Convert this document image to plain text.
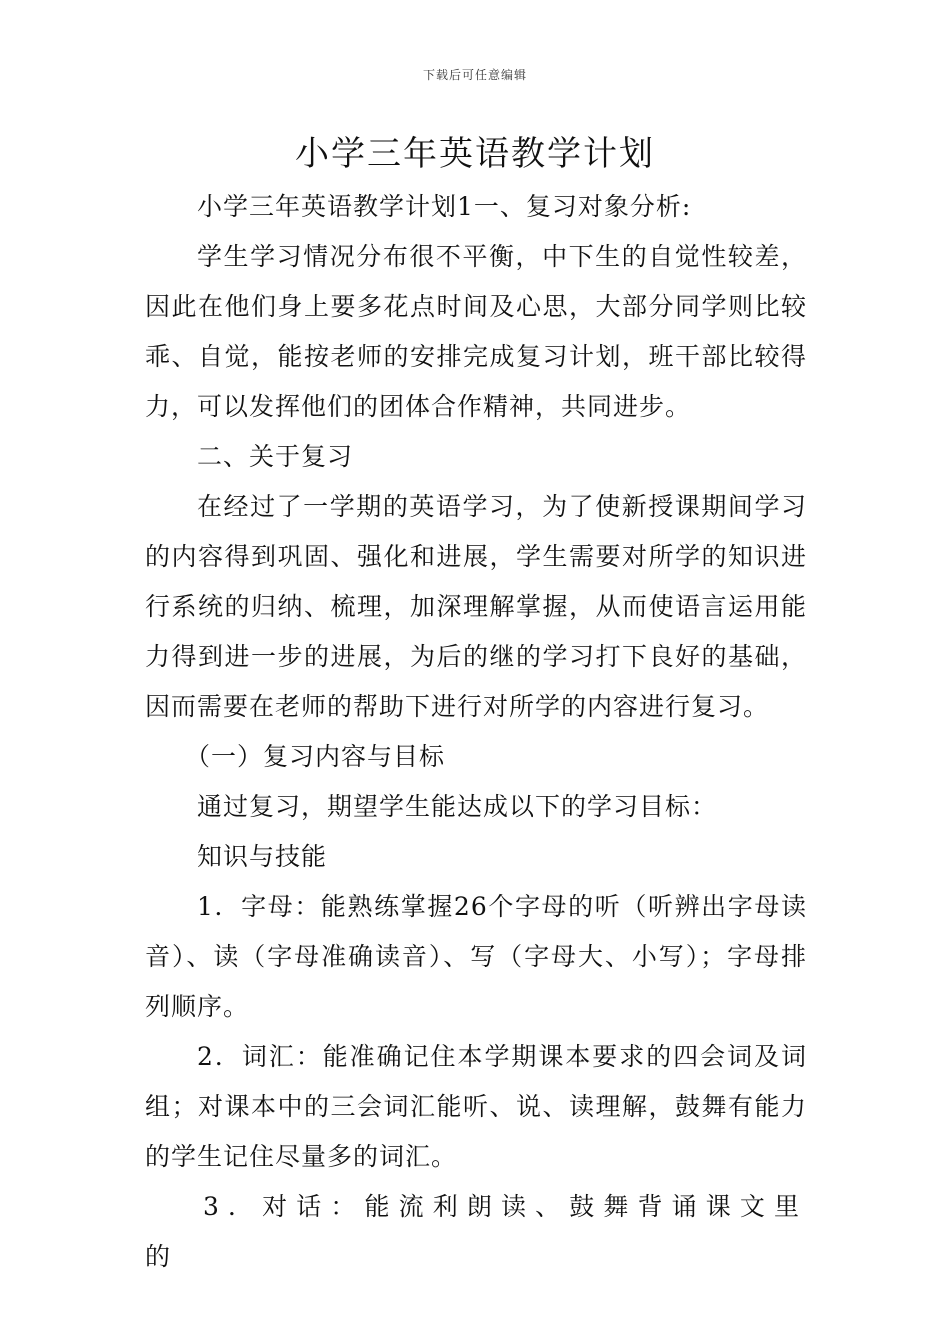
下载后可任意编辑
小学三年英语教学计划

小学三年英语教学计划1一、复习对象分析:

学生学习情况分布很不平衡，中下生的自觉性较差，因此在他们身上要多花点时间及心思，大部分同学则比较乖、自觉，能按老师的安排完成复习计划，班干部比较得力，可以发挥他们的团体合作精神，共同进步。

二、关于复习

在经过了一学期的英语学习，为了使新授课期间学习的内容得到巩固、强化和进展，学生需要对所学的知识进行系统的归纳、梳理，加深理解掌握，从而使语言运用能力得到进一步的进展，为后的继的学习打下良好的基础，因而需要在老师的帮助下进行对所学的内容进行复习。

（一）复习内容与目标

通过复习，期望学生能达成以下的学习目标：

知识与技能

1．字母：能熟练掌握26个字母的听（听辨出字母读音）、读（字母准确读音）、写（字母大、小写）；字母排列顺序。

2．词汇：能准确记住本学期课本要求的四会词及词组；对课本中的三会词汇能听、说、读理解，鼓舞有能力的学生记住尽量多的词汇。

3．对话：能流利朗读、鼓舞背诵课文里的
